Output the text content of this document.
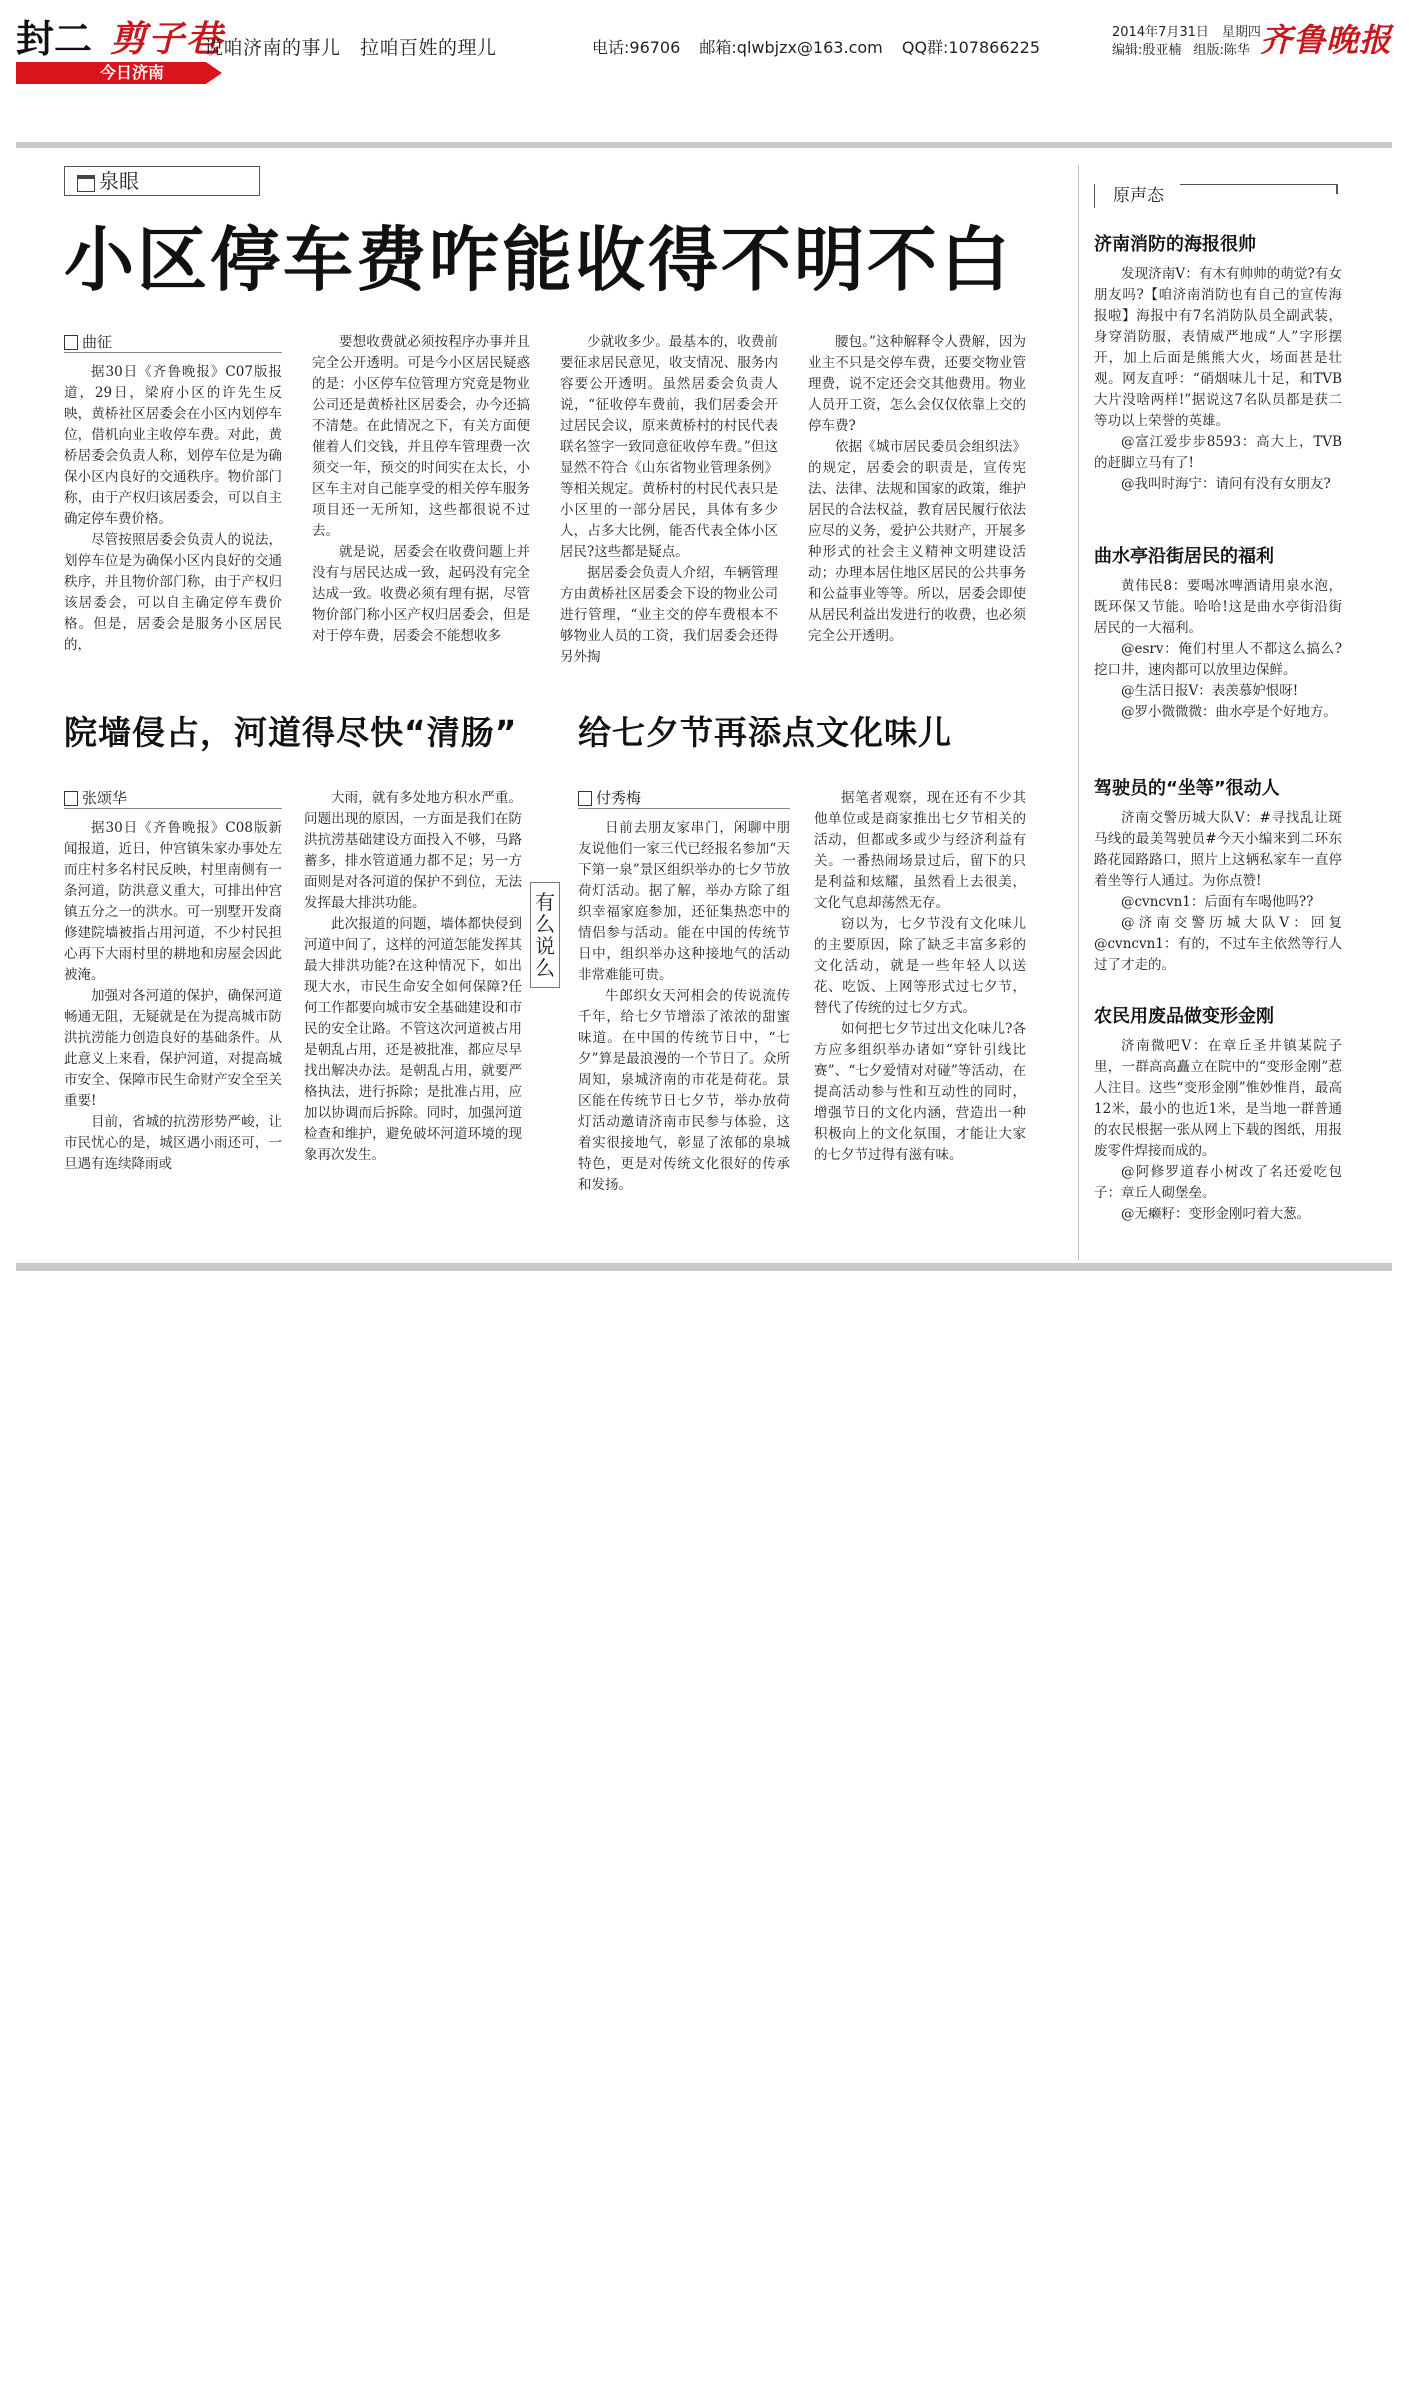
封二 剪子巷
说咱济南的事儿　拉咱百姓的理儿	电话:96706 邮箱:qlwbjzx@163.com QQ群:107866225
2014年7月31日　星期四
编辑:殷亚楠 组版:陈华 齐鲁晚报
今日济南
泉眼
小区停车费咋能收得不明不白
曲征

据30日《齐鲁晚报》C07版报道，29日，梁府小区的许先生反映，黄桥社区居委会在小区内划停车位，借机向业主收停车费。对此，黄桥居委会负责人称，划停车位是为确保小区内良好的交通秩序。物价部门称，由于产权归该居委会，可以自主确定停车费价格。

尽管按照居委会负责人的说法，划停车位是为确保小区内良好的交通秩序，并且物价部门称，由于产权归该居委会，可以自主确定停车费价格。但是，居委会是服务小区居民的，

要想收费就必须按程序办事并且完全公开透明。可是今小区居民疑惑的是：小区停车位管理方究竟是物业公司还是黄桥社区居委会，办今还搞不清楚。在此情况之下，有关方面便催着人们交钱，并且停车管理费一次须交一年，预交的时间实在太长，小区车主对自己能享受的相关停车服务项目还一无所知，这些都很说不过去。

就是说，居委会在收费问题上并没有与居民达成一致，起码没有完全达成一致。收费必须有理有据，尽管物价部门称小区产权归居委会，但是对于停车费，居委会不能想收多

少就收多少。最基本的，收费前要征求居民意见，收支情况、服务内容要公开透明。虽然居委会负责人说，“征收停车费前，我们居委会开过居民会议，原来黄桥村的村民代表联名签字一致同意征收停车费。”但这显然不符合《山东省物业管理条例》等相关规定。黄桥村的村民代表只是小区里的一部分居民，具体有多少人，占多大比例，能否代表全体小区居民?这些都是疑点。

据居委会负责人介绍，车辆管理方由黄桥社区居委会下设的物业公司进行管理，“业主交的停车费根本不够物业人员的工资，我们居委会还得另外掏

腰包。”这种解释令人费解，因为业主不只是交停车费，还要交物业管理费，说不定还会交其他费用。物业人员开工资，怎么会仅仅依靠上交的停车费?

依据《城市居民委员会组织法》的规定，居委会的职责是，宣传宪法、法律、法规和国家的政策，维护居民的合法权益，教育居民履行依法应尽的义务，爱护公共财产，开展多种形式的社会主义精神文明建设活动；办理本居住地区居民的公共事务和公益事业等等。所以，居委会即使从居民利益出发进行的收费，也必须完全公开透明。

院墙侵占，河道得尽快“清肠”
张颂华

据30日《齐鲁晚报》C08版新闻报道，近日，仲宫镇朱家办事处左而庄村多名村民反映，村里南侧有一条河道，防洪意义重大，可排出仲宫镇五分之一的洪水。可一别墅开发商修建院墙被指占用河道，不少村民担心再下大雨村里的耕地和房屋会因此被淹。

加强对各河道的保护，确保河道畅通无阻，无疑就是在为提高城市防洪抗涝能力创造良好的基础条件。从此意义上来看，保护河道，对提高城市安全、保障市民生命财产安全至关重要!

目前，省城的抗涝形势严峻，让市民忧心的是，城区遇小雨还可，一旦遇有连续降雨或

大雨，就有多处地方积水严重。问题出现的原因，一方面是我们在防洪抗涝基础建设方面投入不够，马路蓄多，排水管道通力都不足；另一方面则是对各河道的保护不到位，无法发挥最大排洪功能。

此次报道的问题，墙体都快侵到河道中间了，这样的河道怎能发挥其最大排洪功能?在这种情况下，如出现大水，市民生命安全如何保障?任何工作都要向城市安全基础建设和市民的安全让路。不管这次河道被占用是朝乱占用，还是被批准，都应尽早找出解决办法。是朝乱占用，就要严格执法，进行拆除；是批准占用，应加以协调而后拆除。同时，加强河道检查和维护，避免破坏河道环境的现象再次发生。

有
么
说
么
给七夕节再添点文化味儿
付秀梅

日前去朋友家串门，闲聊中朋友说他们一家三代已经报名参加“天下第一泉”景区组织举办的七夕节放荷灯活动。据了解，举办方除了组织幸福家庭参加，还征集热恋中的情侣参与活动。能在中国的传统节日中，组织举办这种接地气的活动非常难能可贵。

牛郎织女天河相会的传说流传千年，给七夕节增添了浓浓的甜蜜味道。在中国的传统节日中，“七夕”算是最浪漫的一个节日了。众所周知，泉城济南的市花是荷花。景区能在传统节日七夕节，举办放荷灯活动邀请济南市民参与体验，这着实很接地气，彰显了浓郁的泉城特色，更是对传统文化很好的传承和发扬。

据笔者观察，现在还有不少其他单位或是商家推出七夕节相关的活动，但都或多或少与经济利益有关。一番热闹场景过后，留下的只是利益和炫耀，虽然看上去很美，文化气息却荡然无存。

窃以为，七夕节没有文化味儿的主要原因，除了缺乏丰富多彩的文化活动，就是一些年轻人以送花、吃饭、上网等形式过七夕节，替代了传统的过七夕方式。

如何把七夕节过出文化味儿?各方应多组织举办诸如“穿针引线比赛”、“七夕爱情对对碰”等活动，在提高活动参与性和互动性的同时，增强节日的文化内涵，营造出一种积极向上的文化氛围，才能让大家的七夕节过得有滋有味。

原声态
济南消防的海报很帅

发现济南V：有木有帅帅的萌觉?有女朋友吗?【咱济南消防也有自己的宣传海报啦】海报中有7名消防队员全副武装，身穿消防服，表情威严地成“人”字形摆开，加上后面是熊熊大火，场面甚是壮观。网友直呼：“硝烟味儿十足，和TVB大片没啥两样!”据说这7名队员都是获二等功以上荣誉的英雄。

@富江爱步步8593：高大上，TVB的赶脚立马有了!

@我叫时海宁：请问有没有女朋友?

曲水亭沿街居民的福利

黄伟民8：要喝冰啤酒请用泉水泡，既环保又节能。哈哈!这是曲水亭街沿街居民的一大福利。

@esrv：俺们村里人不都这么搞么?挖口井，速肉都可以放里边保鲜。

@生活日报V：表羡慕妒恨呀!

@罗小微微微：曲水亭是个好地方。

驾驶员的“坐等”很动人

济南交警历城大队V：#寻找乱让斑马线的最美驾驶员#今天小编来到二环东路花园路路口，照片上这辆私家车一直停着坐等行人通过。为你点赞!

@cvncvn1：后面有车喝他吗??

@济南交警历城大队V：回复@cvncvn1：有的，不过车主依然等行人过了才走的。

农民用废品做变形金刚

济南微吧V：在章丘圣井镇某院子里，一群高高矗立在院中的“变形金刚”惹人注目。这些“变形金刚”惟妙惟肖，最高12米，最小的也近1米，是当地一群普通的农民根据一张从网上下载的图纸，用报废零件焊接而成的。

@阿修罗道春小树改了名还爱吃包子：章丘人砌堡垒。

@无癞籽：变形金刚叼着大葱。
